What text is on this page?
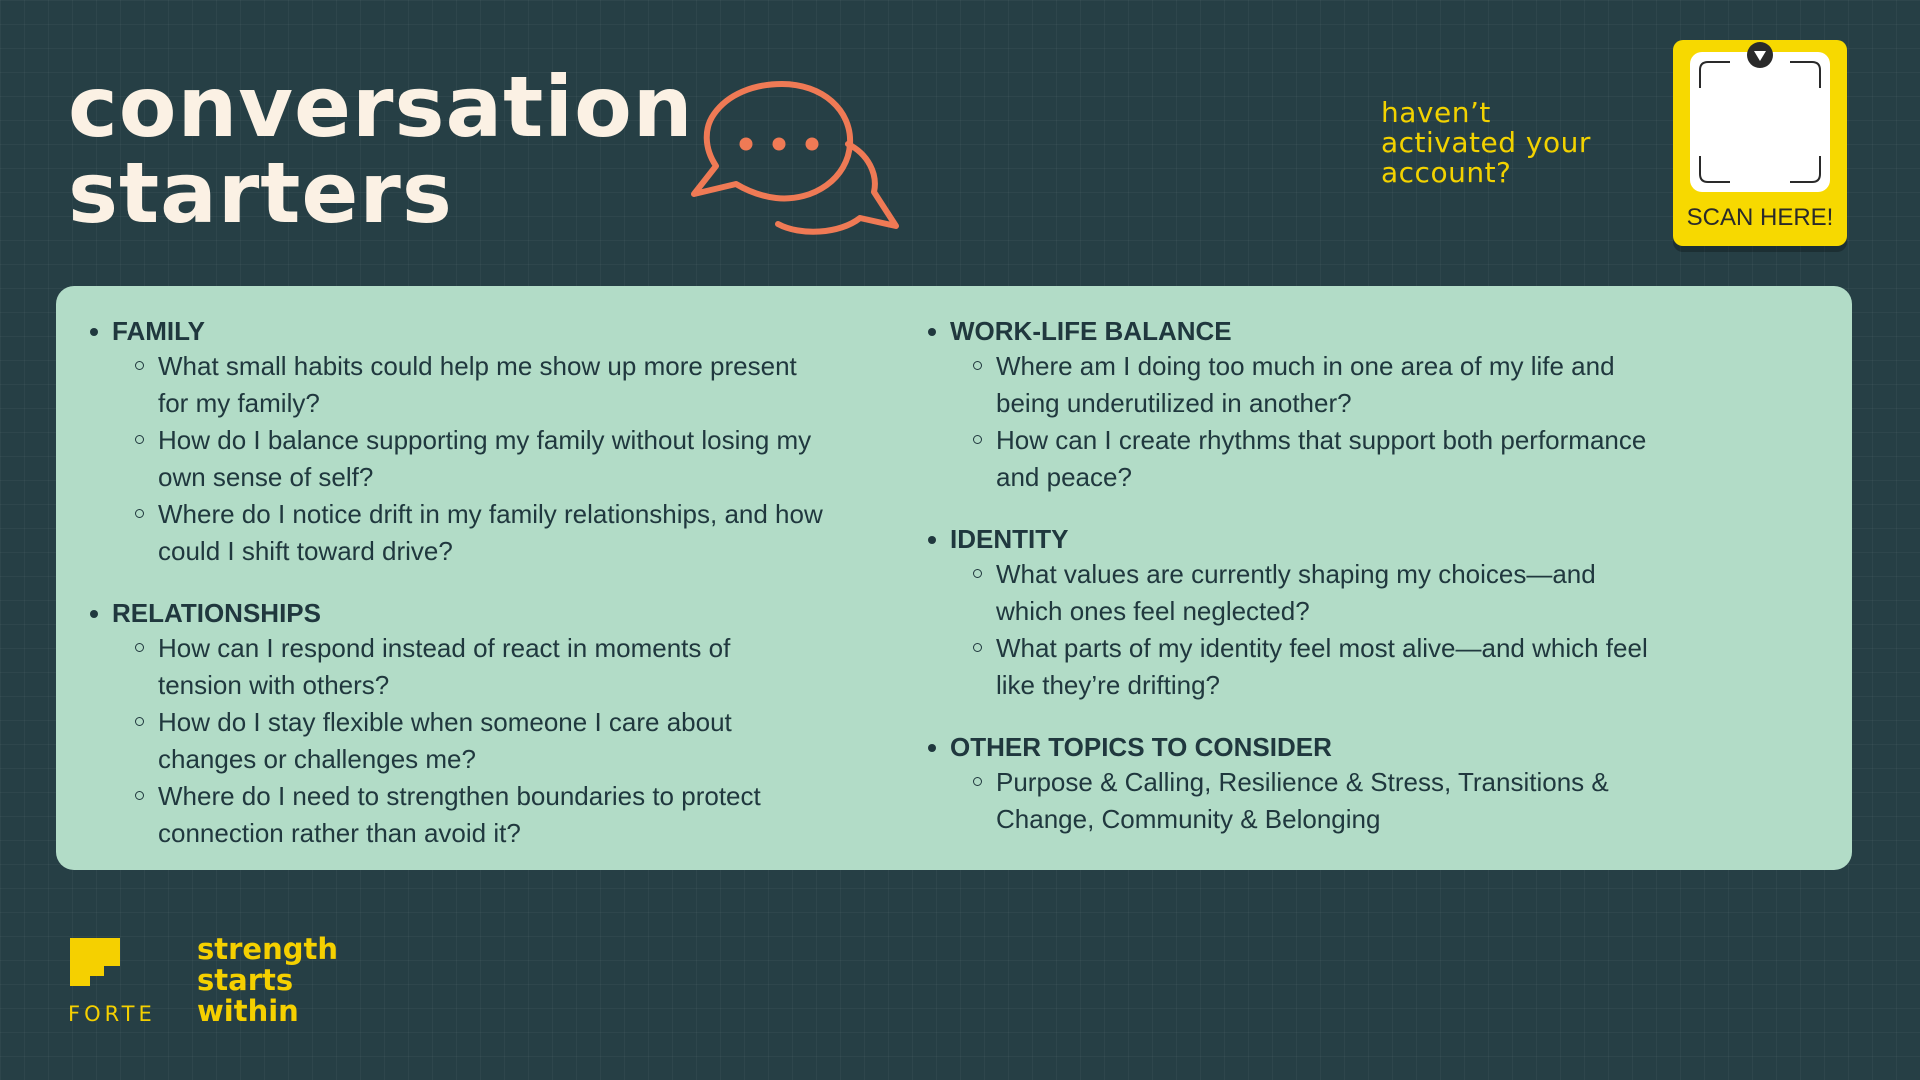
conversation
starters
haven’t
activated your
account?
SCAN HERE!
FAMILY
What small habits could help me show up more present
for my family?
How do I balance supporting my family without losing my
own sense of self?
Where do I notice drift in my family relationships, and how
could I shift toward drive?
RELATIONSHIPS
How can I respond instead of react in moments of
tension with others?
How do I stay flexible when someone I care about
changes or challenges me?
Where do I need to strengthen boundaries to protect
connection rather than avoid it?
WORK-LIFE BALANCE
Where am I doing too much in one area of my life and
being underutilized in another?
How can I create rhythms that support both performance
and peace?
IDENTITY
What values are currently shaping my choices—and
which ones feel neglected?
What parts of my identity feel most alive—and which feel
like they’re drifting?
OTHER TOPICS TO CONSIDER
Purpose & Calling, Resilience & Stress, Transitions &
Change, Community & Belonging
FORTE
strength
starts
within
